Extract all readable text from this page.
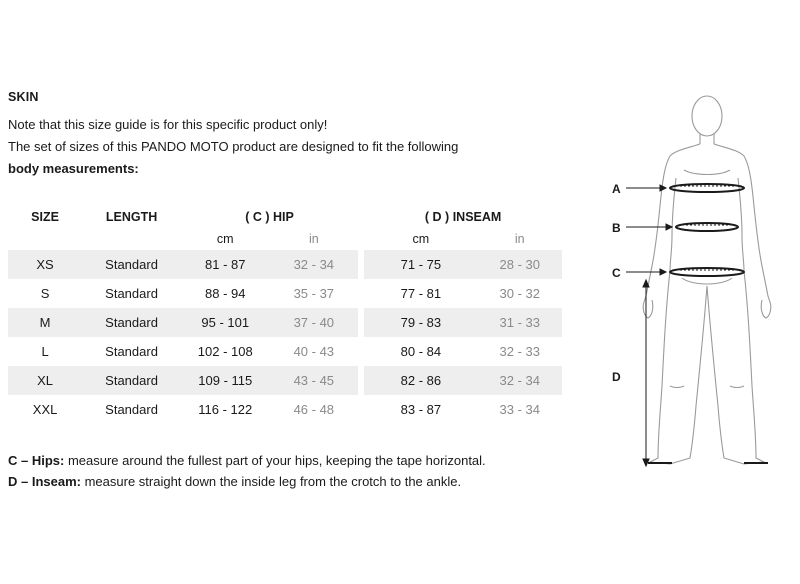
SKIN

Note that this size guide is for this specific product only!

The set of sizes of this PANDO MOTO product are designed to fit the following

body measurements:

SIZE	LENGTH	( C ) HIP			( D ) INSEAM	
		cm	in		cm	in
XS	Standard	81 - 87	32 - 34		71 - 75	28 - 30
S	Standard	88 - 94	35 - 37		77 - 81	30 - 32
M	Standard	95 - 101	37 - 40		79 - 83	31 - 33
L	Standard	102 - 108	40 - 43		80 - 84	32 - 33
XL	Standard	109 - 115	43 - 45		82 - 86	32 - 34
XXL	Standard	116 - 122	46 - 48		83 - 87	33 - 34

C – Hips: measure around the fullest part of your hips, keeping the tape horizontal.

D – Inseam: measure straight down the inside leg from the crotch to the ankle.

A
B
C
D
